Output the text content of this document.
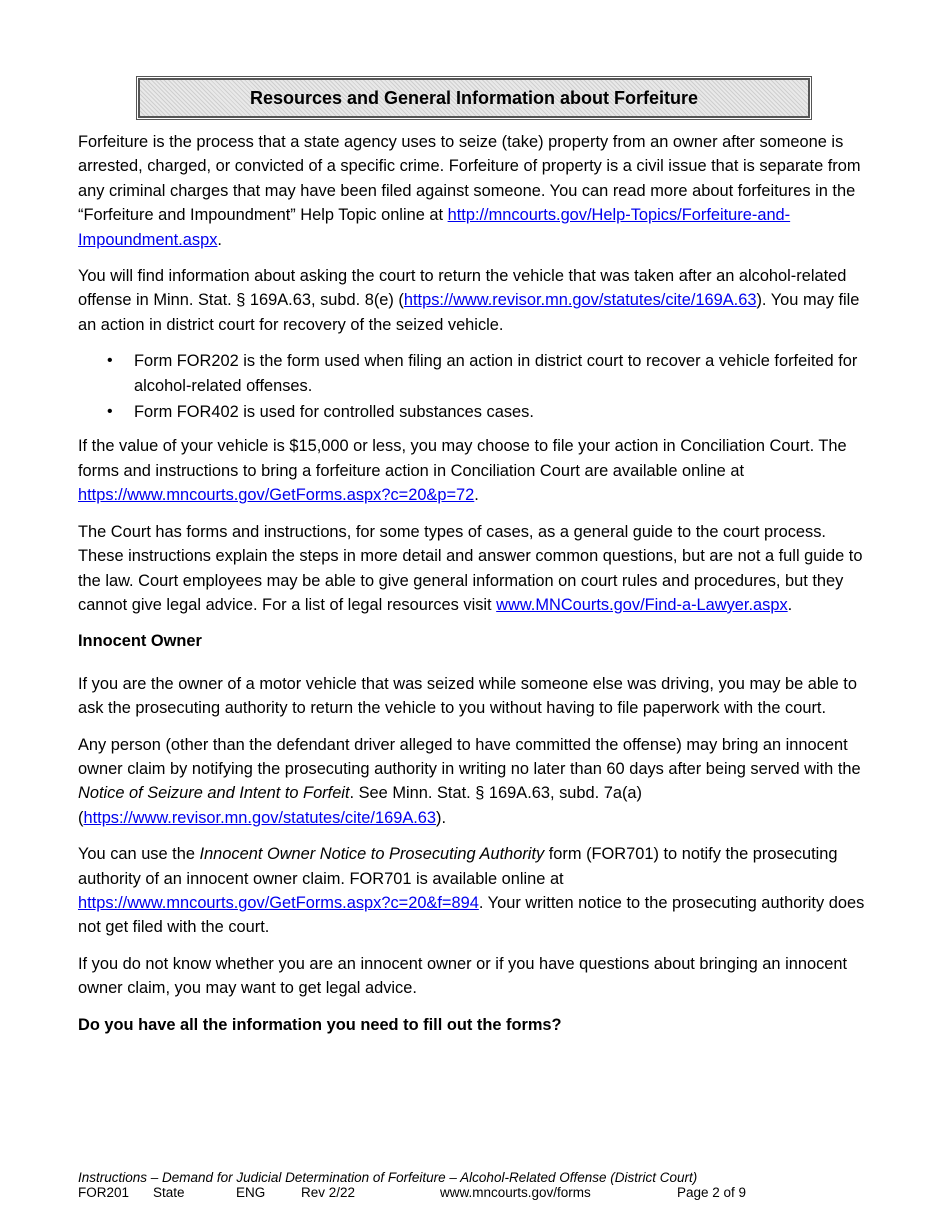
Resources and General Information about Forfeiture

Forfeiture is the process that a state agency uses to seize (take) property from an owner after someone is arrested, charged, or convicted of a specific crime. Forfeiture of property is a civil issue that is separate from any criminal charges that may have been filed against someone. You can read more about forfeitures in the “Forfeiture and Impoundment” Help Topic online at http://mncourts.gov/Help-Topics/Forfeiture-and-Impoundment.aspx.

You will find information about asking the court to return the vehicle that was taken after an alcohol-related offense in Minn. Stat. § 169A.63, subd. 8(e) (https://www.revisor.mn.gov/statutes/cite/169A.63). You may file an action in district court for recovery of the seized vehicle.

• Form FOR202 is the form used when filing an action in district court to recover a vehicle forfeited for alcohol-related offenses.
• Form FOR402 is used for controlled substances cases.

If the value of your vehicle is $15,000 or less, you may choose to file your action in Conciliation Court. The forms and instructions to bring a forfeiture action in Conciliation Court are available online at https://www.mncourts.gov/GetForms.aspx?c=20&p=72.

The Court has forms and instructions, for some types of cases, as a general guide to the court process. These instructions explain the steps in more detail and answer common questions, but are not a full guide to the law. Court employees may be able to give general information on court rules and procedures, but they cannot give legal advice. For a list of legal resources visit www.MNCourts.gov/Find-a-Lawyer.aspx.

Innocent Owner

If you are the owner of a motor vehicle that was seized while someone else was driving, you may be able to ask the prosecuting authority to return the vehicle to you without having to file paperwork with the court.

Any person (other than the defendant driver alleged to have committed the offense) may bring an innocent owner claim by notifying the prosecuting authority in writing no later than 60 days after being served with the Notice of Seizure and Intent to Forfeit. See Minn. Stat. § 169A.63, subd. 7a(a) (https://www.revisor.mn.gov/statutes/cite/169A.63).

You can use the Innocent Owner Notice to Prosecuting Authority form (FOR701) to notify the prosecuting authority of an innocent owner claim. FOR701 is available online at https://www.mncourts.gov/GetForms.aspx?c=20&f=894. Your written notice to the prosecuting authority does not get filed with the court.

If you do not know whether you are an innocent owner or if you have questions about bringing an innocent owner claim, you may want to get legal advice.

Do you have all the information you need to fill out the forms?
Instructions – Demand for Judicial Determination of Forfeiture – Alcohol-Related Offense (District Court)
FOR201 State	ENG	Rev 2/22	www.mncourts.gov/forms	Page 2 of 9
